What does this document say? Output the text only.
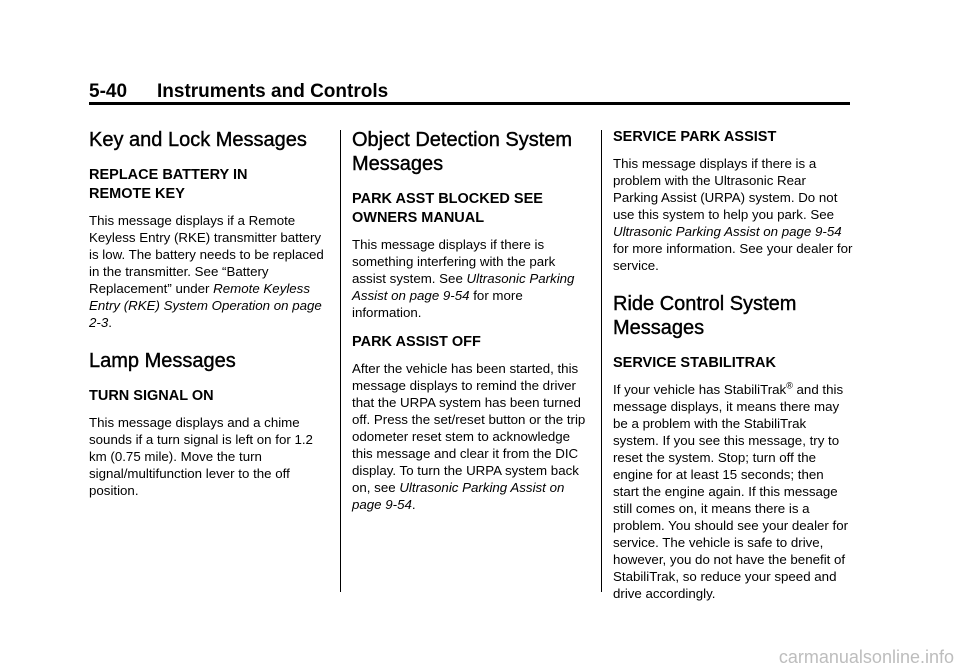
5-40 Instruments and Controls
Key and Lock Messages
REPLACE BATTERY IN
REMOTE KEY

This message displays if a Remote Keyless Entry (RKE) transmitter battery is low. The battery needs to be replaced in the transmitter. See “Battery Replacement” under Remote Keyless Entry (RKE) System Operation on page 2‑3.

Lamp Messages
TURN SIGNAL ON

This message displays and a chime sounds if a turn signal is left on for 1.2 km (0.75 mile). Move the turn signal/multifunction lever to the off position.

Object Detection System
Messages
PARK ASST BLOCKED SEE
OWNERS MANUAL

This message displays if there is something interfering with the park assist system. See Ultrasonic Parking Assist on page 9‑54 for more information.

PARK ASSIST OFF

After the vehicle has been started, this message displays to remind the driver that the URPA system has been turned off. Press the set/reset button or the trip odometer reset stem to acknowledge this message and clear it from the DIC display. To turn the URPA system back on, see Ultrasonic Parking Assist on page 9‑54.

SERVICE PARK ASSIST

This message displays if there is a problem with the Ultrasonic Rear Parking Assist (URPA) system. Do not use this system to help you park. See Ultrasonic Parking Assist on page 9‑54 for more information. See your dealer for service.

Ride Control System
Messages
SERVICE STABILITRAK

If your vehicle has StabiliTrak® and this message displays, it means there may be a problem with the StabiliTrak system. If you see this message, try to reset the system. Stop; turn off the engine for at least 15 seconds; then start the engine again. If this message still comes on, it means there is a problem. You should see your dealer for service. The vehicle is safe to drive, however, you do not have the benefit of StabiliTrak, so reduce your speed and drive accordingly.

carmanualsonline.info
